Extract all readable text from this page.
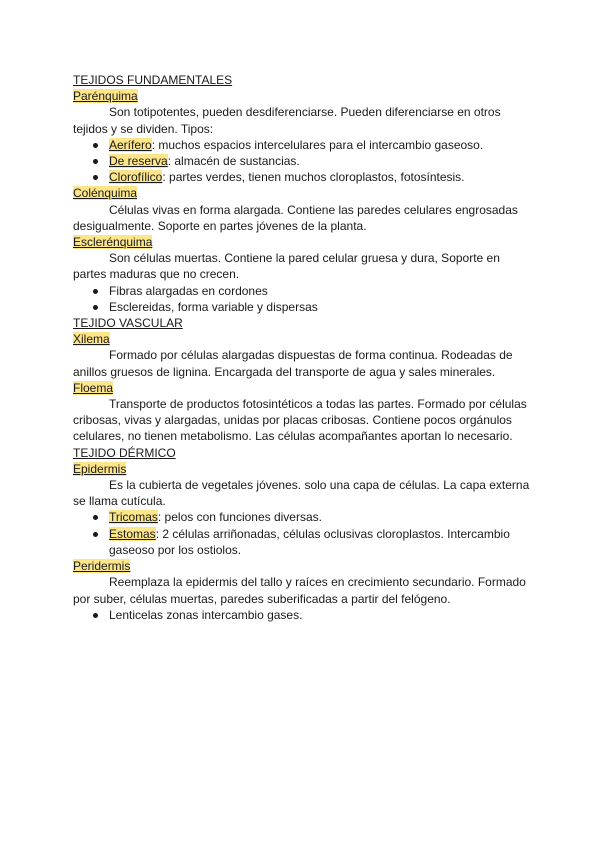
TEJIDOS FUNDAMENTALES

Parénquima

Son totipotentes, pueden desdiferenciarse. Pueden diferenciarse en otros tejidos y se dividen. Tipos:

Aerífero: muchos espacios intercelulares para el intercambio gaseoso.
De reserva: almacén de sustancias.
Clorofílico: partes verdes, tienen muchos cloroplastos, fotosíntesis.

Colénquima

Células vivas en forma alargada. Contiene las paredes celulares engrosadas desigualmente. Soporte en partes jóvenes de la planta.

Esclerénquima

Son células muertas. Contiene la pared celular gruesa y dura, Soporte en partes maduras que no crecen.

Fibras alargadas en cordones
Esclereidas, forma variable y dispersas

TEJIDO VASCULAR

Xilema

Formado por células alargadas dispuestas de forma continua. Rodeadas de anillos gruesos de lignina. Encargada del transporte de agua y sales minerales.

Floema

Transporte de productos fotosintéticos a todas las partes. Formado por células cribosas, vivas y alargadas, unidas por placas cribosas. Contiene pocos orgánulos celulares, no tienen metabolismo. Las células acompañantes aportan lo necesario.

TEJIDO DÉRMICO

Epidermis

Es la cubierta de vegetales jóvenes. solo una capa de células. La capa externa se llama cutícula.

Tricomas: pelos con funciones diversas.
Estomas: 2 células arriñonadas, células oclusivas cloroplastos. Intercambio gaseoso por los ostiolos.

Peridermis

Reemplaza la epidermis del tallo y raíces en crecimiento secundario. Formado por suber, células muertas, paredes suberificadas a partir del felógeno.

Lenticelas zonas intercambio gases.
